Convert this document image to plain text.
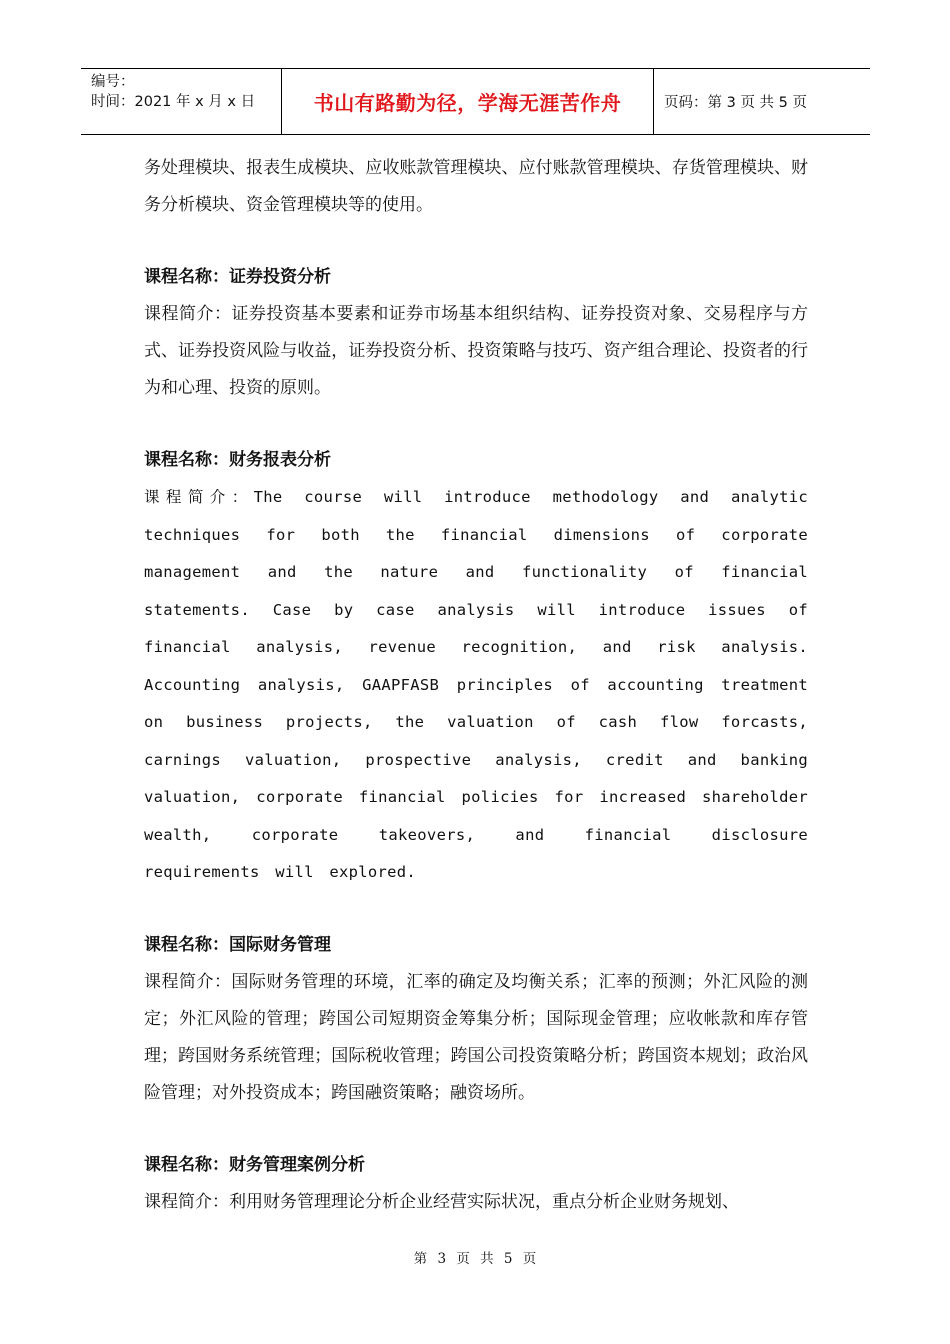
编号：
时间：2021 年 x 月 x 日	书山有路勤为径，学海无涯苦作舟	页码：第 3 页 共 5 页

务处理模块、报表生成模块、应收账款管理模块、应付账款管理模块、存货管理模块、财务分析模块、资金管理模块等的使用。

课程名称：证券投资分析

课程简介：证券投资基本要素和证券市场基本组织结构、证券投资对象、交易程序与方式、证券投资风险与收益，证券投资分析、投资策略与技巧、资产组合理论、投资者的行为和心理、投资的原则。

课程名称：财务报表分析

课程简介：The course will introduce methodology and analytic techniques for both the financial dimensions of corporate management and the nature and functionality of financial statements. Case by case analysis will introduce issues of financial analysis, revenue recognition, and risk analysis. Accounting analysis, GAAPFASB principles of accounting treatment on business projects, the valuation of cash flow forcasts, carnings valuation, prospective analysis, credit and banking valuation, corporate financial policies for increased shareholder wealth, corporate takeovers, and financial disclosure requirements will explored.

课程名称：国际财务管理

课程简介：国际财务管理的环境，汇率的确定及均衡关系；汇率的预测；外汇风险的测定；外汇风险的管理；跨国公司短期资金筹集分析；国际现金管理；应收帐款和库存管理；跨国财务系统管理；国际税收管理；跨国公司投资策略分析；跨国资本规划；政治风险管理；对外投资成本；跨国融资策略；融资场所。

课程名称：财务管理案例分析

课程简介：利用财务管理理论分析企业经营实际状况，重点分析企业财务规划、

第 3 页 共 5 页
